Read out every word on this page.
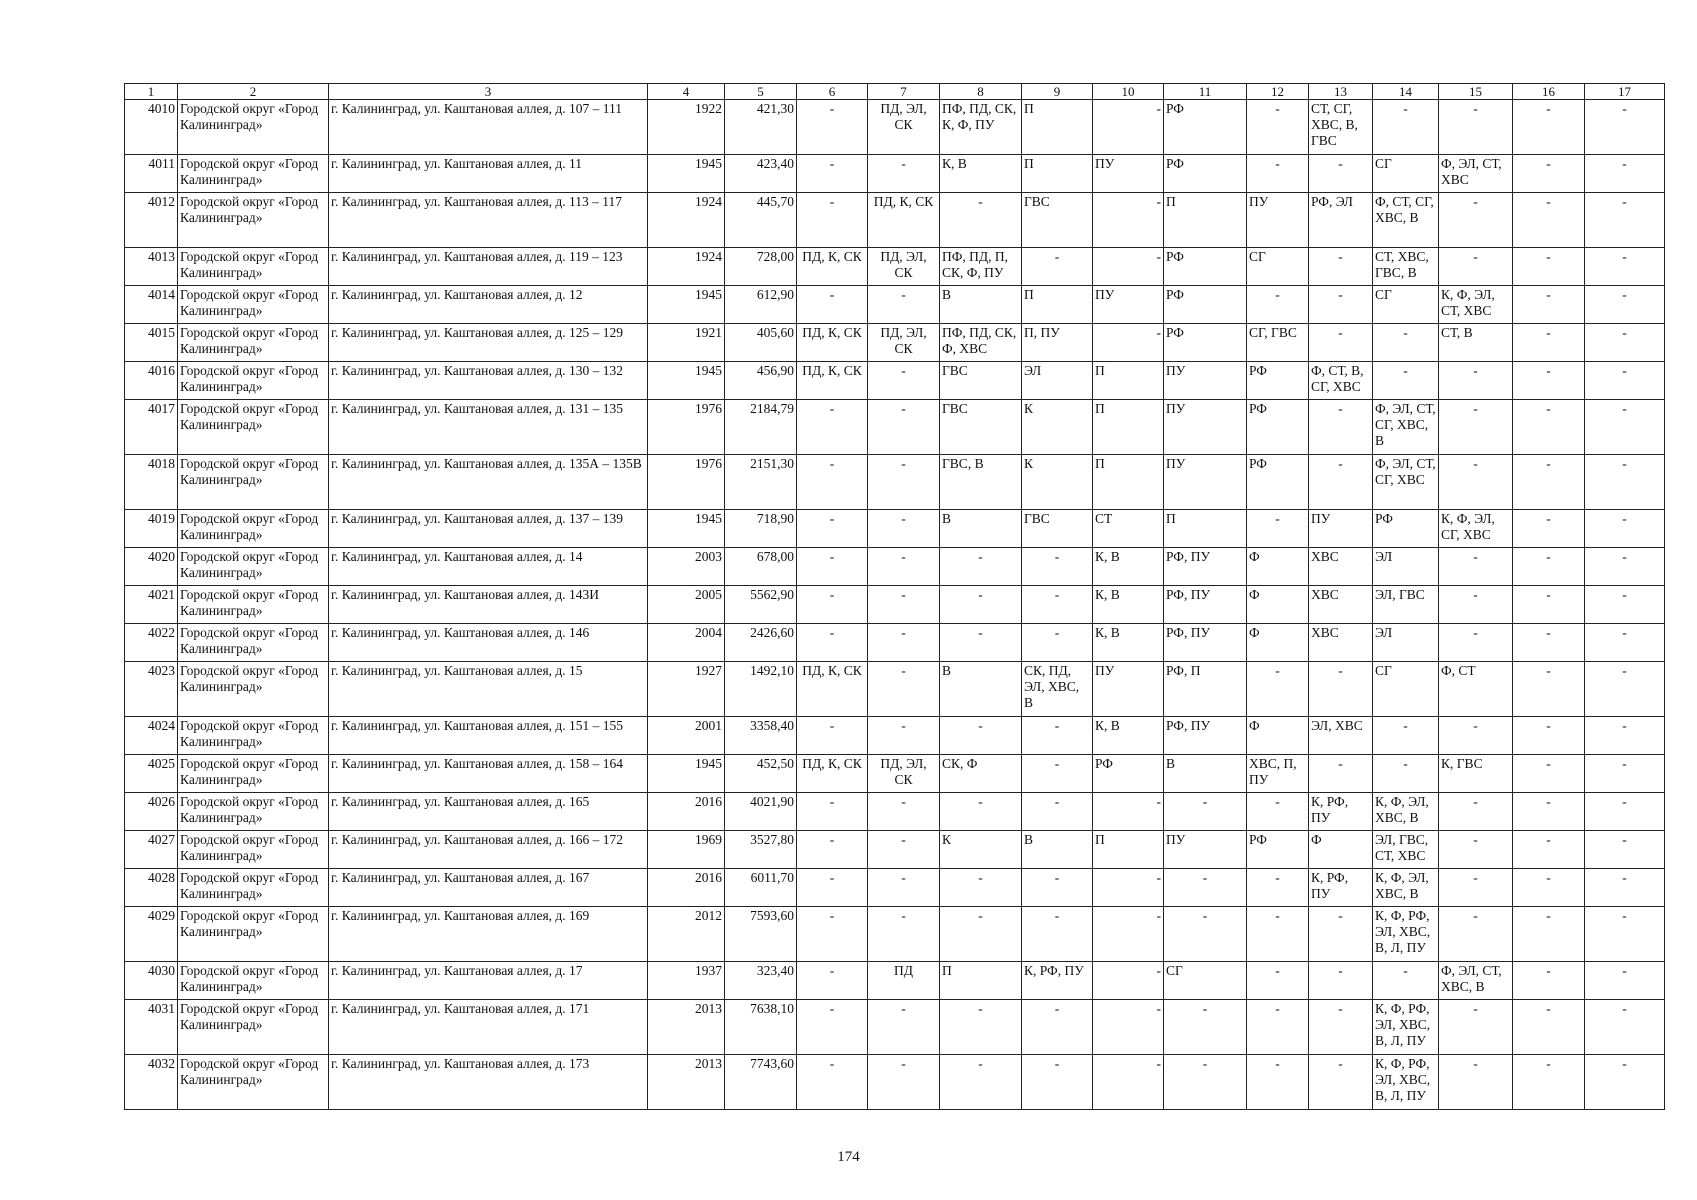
1	2	3	4	5	6	7	8	9	10	11	12	13	14	15	16	17
4010	Городской округ «Город Калининград»	г. Калининград, ул. Каштановая аллея, д. 107 – 111	1922	421,30	-	ПД, ЭЛ, СК	ПФ, ПД, СК, К, Ф, ПУ	П	-	РФ	-	СТ, СГ, ХВС, В, ГВС	-	-	-	-
4011	Городской округ «Город Калининград»	г. Калининград, ул. Каштановая аллея, д. 11	1945	423,40	-	-	К, В	П	ПУ	РФ	-	-	СГ	Ф, ЭЛ, СТ, ХВС	-	-
4012	Городской округ «Город Калининград»	г. Калининград, ул. Каштановая аллея, д. 113 – 117	1924	445,70	-	ПД, К, СК	-	ГВС	-	П	ПУ	РФ, ЭЛ	Ф, СТ, СГ, ХВС, В	-	-	-
4013	Городской округ «Город Калининград»	г. Калининград, ул. Каштановая аллея, д. 119 – 123	1924	728,00	ПД, К, СК	ПД, ЭЛ, СК	ПФ, ПД, П, СК, Ф, ПУ	-	-	РФ	СГ	-	СТ, ХВС, ГВС, В	-	-	-
4014	Городской округ «Город Калининград»	г. Калининград, ул. Каштановая аллея, д. 12	1945	612,90	-	-	В	П	ПУ	РФ	-	-	СГ	К, Ф, ЭЛ, СТ, ХВС	-	-
4015	Городской округ «Город Калининград»	г. Калининград, ул. Каштановая аллея, д. 125 – 129	1921	405,60	ПД, К, СК	ПД, ЭЛ, СК	ПФ, ПД, СК, Ф, ХВС	П, ПУ	-	РФ	СГ, ГВС	-	-	СТ, В	-	-
4016	Городской округ «Город Калининград»	г. Калининград, ул. Каштановая аллея, д. 130 – 132	1945	456,90	ПД, К, СК	-	ГВС	ЭЛ	П	ПУ	РФ	Ф, СТ, В, СГ, ХВС	-	-	-	-
4017	Городской округ «Город Калининград»	г. Калининград, ул. Каштановая аллея, д. 131 – 135	1976	2184,79	-	-	ГВС	К	П	ПУ	РФ	-	Ф, ЭЛ, СТ, СГ, ХВС, В	-	-	-
4018	Городской округ «Город Калининград»	г. Калининград, ул. Каштановая аллея, д. 135А – 135В	1976	2151,30	-	-	ГВС, В	К	П	ПУ	РФ	-	Ф, ЭЛ, СТ, СГ, ХВС	-	-	-
4019	Городской округ «Город Калининград»	г. Калининград, ул. Каштановая аллея, д. 137 – 139	1945	718,90	-	-	В	ГВС	СТ	П	-	ПУ	РФ	К, Ф, ЭЛ, СГ, ХВС	-	-
4020	Городской округ «Город Калининград»	г. Калининград, ул. Каштановая аллея, д. 14	2003	678,00	-	-	-	-	К, В	РФ, ПУ	Ф	ХВС	ЭЛ	-	-	-
4021	Городской округ «Город Калининград»	г. Калининград, ул. Каштановая аллея, д. 143И	2005	5562,90	-	-	-	-	К, В	РФ, ПУ	Ф	ХВС	ЭЛ, ГВС	-	-	-
4022	Городской округ «Город Калининград»	г. Калининград, ул. Каштановая аллея, д. 146	2004	2426,60	-	-	-	-	К, В	РФ, ПУ	Ф	ХВС	ЭЛ	-	-	-
4023	Городской округ «Город Калининград»	г. Калининград, ул. Каштановая аллея, д. 15	1927	1492,10	ПД, К, СК	-	В	СК, ПД, ЭЛ, ХВС, В	ПУ	РФ, П	-	-	СГ	Ф, СТ	-	-
4024	Городской округ «Город Калининград»	г. Калининград, ул. Каштановая аллея, д. 151 – 155	2001	3358,40	-	-	-	-	К, В	РФ, ПУ	Ф	ЭЛ, ХВС	-	-	-	-
4025	Городской округ «Город Калининград»	г. Калининград, ул. Каштановая аллея, д. 158 – 164	1945	452,50	ПД, К, СК	ПД, ЭЛ, СК	СК, Ф	-	РФ	В	ХВС, П, ПУ	-	-	К, ГВС	-	-
4026	Городской округ «Город Калининград»	г. Калининград, ул. Каштановая аллея, д. 165	2016	4021,90	-	-	-	-	-	-	-	К, РФ, ПУ	К, Ф, ЭЛ, ХВС, В	-	-	-
4027	Городской округ «Город Калининград»	г. Калининград, ул. Каштановая аллея, д. 166 – 172	1969	3527,80	-	-	К	В	П	ПУ	РФ	Ф	ЭЛ, ГВС, СТ, ХВС	-	-	-
4028	Городской округ «Город Калининград»	г. Калининград, ул. Каштановая аллея, д. 167	2016	6011,70	-	-	-	-	-	-	-	К, РФ, ПУ	К, Ф, ЭЛ, ХВС, В	-	-	-
4029	Городской округ «Город Калининград»	г. Калининград, ул. Каштановая аллея, д. 169	2012	7593,60	-	-	-	-	-	-	-	-	К, Ф, РФ, ЭЛ, ХВС, В, Л, ПУ	-	-	-
4030	Городской округ «Город Калининград»	г. Калининград, ул. Каштановая аллея, д. 17	1937	323,40	-	ПД	П	К, РФ, ПУ	-	СГ	-	-	-	Ф, ЭЛ, СТ, ХВС, В	-	-
4031	Городской округ «Город Калининград»	г. Калининград, ул. Каштановая аллея, д. 171	2013	7638,10	-	-	-	-	-	-	-	-	К, Ф, РФ, ЭЛ, ХВС, В, Л, ПУ	-	-	-
4032	Городской округ «Город Калининград»	г. Калининград, ул. Каштановая аллея, д. 173	2013	7743,60	-	-	-	-	-	-	-	-	К, Ф, РФ, ЭЛ, ХВС, В, Л, ПУ	-	-	-
174
